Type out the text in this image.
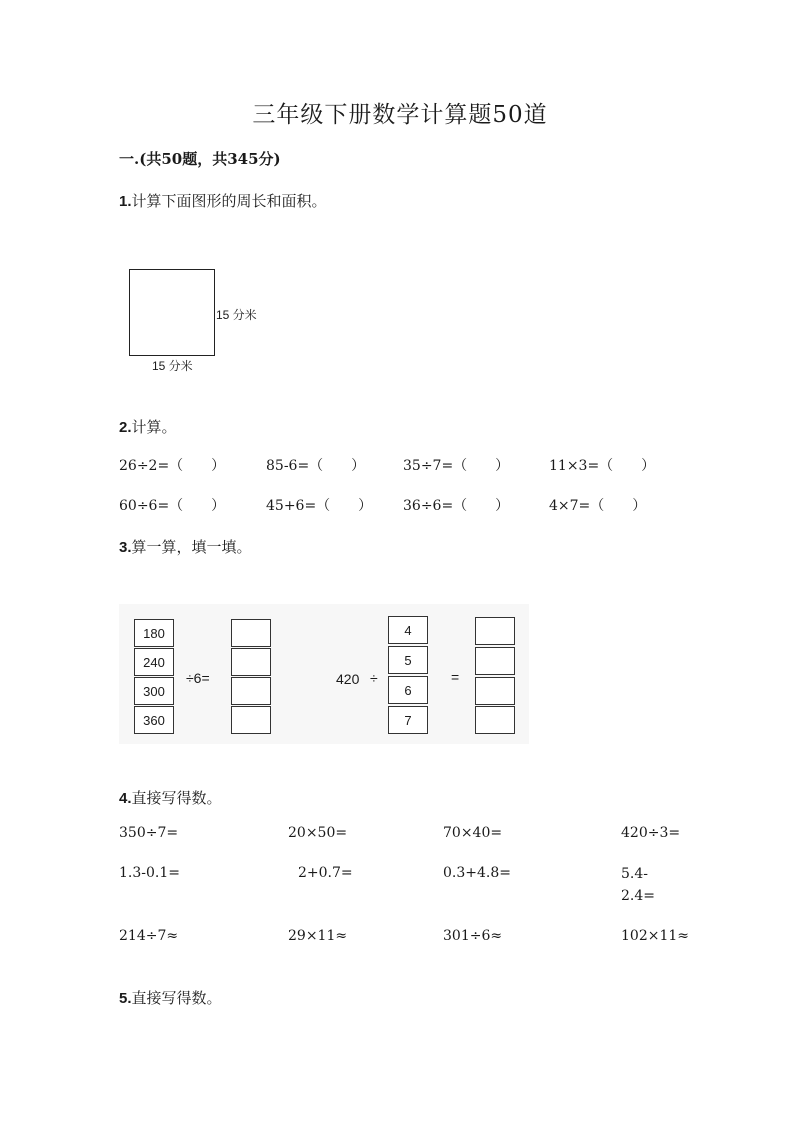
三年级下册数学计算题50道
一.(共50题，共345分)
1.计算下面图形的周长和面积。
15 分米
15 分米
2.计算。
26÷2=（　　）	85-6=（　　）	35÷7=（　　）	11×3=（　　）
60÷6=（　　）	45+6=（　　） 36÷6=（　　）	4×7=（　　）
3.算一算，填一填。
180
240
300
360
÷6=	420 ÷
4
5
6
7
=
4.直接写得数。
350÷7=	20×50=	70×40=	420÷3=
1.3-0.1=	2+0.7=	0.3+4.8=	5.4-2.4=
214÷7≈	29×11≈	301÷6≈	102×11≈
5.直接写得数。
